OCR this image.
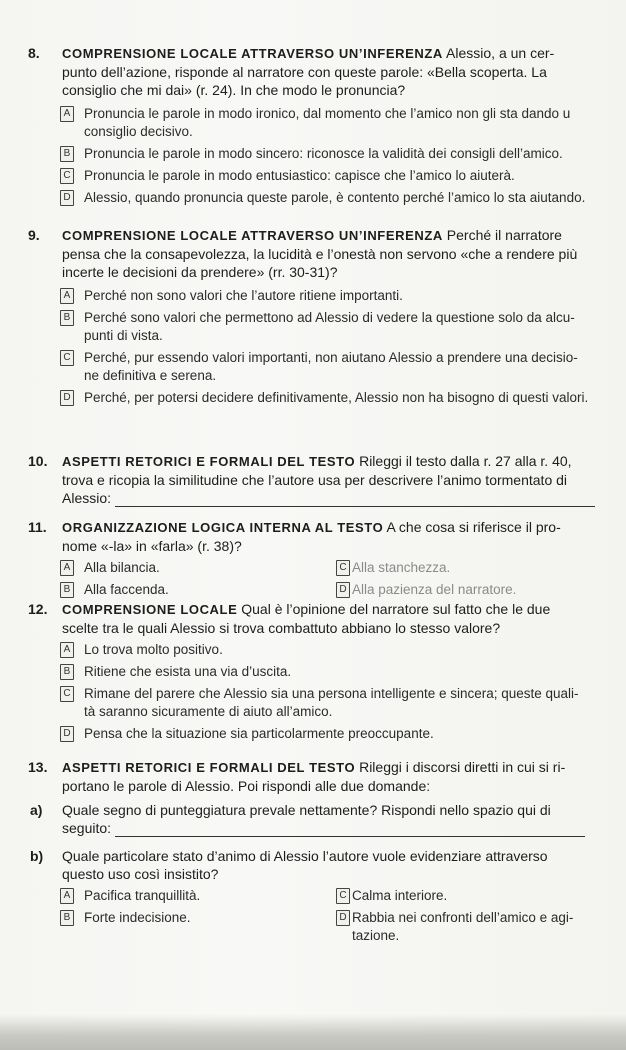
8. COMPRENSIONE LOCALE ATTRAVERSO UN’INFERENZA Alessio, a un cer-
punto dell’azione, risponde al narratore con queste parole: «Bella scoperta. La
consiglio che mi dai» (r. 24). In che modo le pronuncia?
A Pronuncia le parole in modo ironico, dal momento che l’amico non gli sta dando u
consiglio decisivo.
B Pronuncia le parole in modo sincero: riconosce la validità dei consigli dell’amico.
C Pronuncia le parole in modo entusiastico: capisce che l’amico lo aiuterà.
D Alessio, quando pronuncia queste parole, è contento perché l’amico lo sta aiutando.
9. COMPRENSIONE LOCALE ATTRAVERSO UN’INFERENZA Perché il narratore
pensa che la consapevolezza, la lucidità e l’onestà non servono «che a rendere più
incerte le decisioni da prendere» (rr. 30-31)?
A Perché non sono valori che l’autore ritiene importanti.
B Perché sono valori che permettono ad Alessio di vedere la questione solo da alcu-
punti di vista.
C Perché, pur essendo valori importanti, non aiutano Alessio a prendere una decisio-
ne definitiva e serena.
D Perché, per potersi decidere definitivamente, Alessio non ha bisogno di questi valori.
10. ASPETTI RETORICI E FORMALI DEL TESTO Rileggi il testo dalla r. 27 alla r. 40,
trova e ricopia la similitudine che l’autore usa per descrivere l’animo tormentato di
Alessio:
11. ORGANIZZAZIONE LOGICA INTERNA AL TESTO A che cosa si riferisce il pro-
nome «-la» in «farla» (r. 38)?
A Alla bilancia.	C Alla stanchezza.
B Alla faccenda.	D Alla pazienza del narratore.
12. COMPRENSIONE LOCALE Qual è l’opinione del narratore sul fatto che le due
scelte tra le quali Alessio si trova combattuto abbiano lo stesso valore?
A Lo trova molto positivo.
B Ritiene che esista una via d’uscita.
C Rimane del parere che Alessio sia una persona intelligente e sincera; queste quali-
tà saranno sicuramente di aiuto all’amico.
D Pensa che la situazione sia particolarmente preoccupante.
13. ASPETTI RETORICI E FORMALI DEL TESTO Rileggi i discorsi diretti in cui si ri-
portano le parole di Alessio. Poi rispondi alle due domande:
a) Quale segno di punteggiatura prevale nettamente? Rispondi nello spazio qui di
seguito:
b) Quale particolare stato d’animo di Alessio l’autore vuole evidenziare attraverso
questo uso così insistito?
A Pacifica tranquillità.	C Calma interiore.
B Forte indecisione.	D Rabbia nei confronti dell’amico e agi-
tazione.
